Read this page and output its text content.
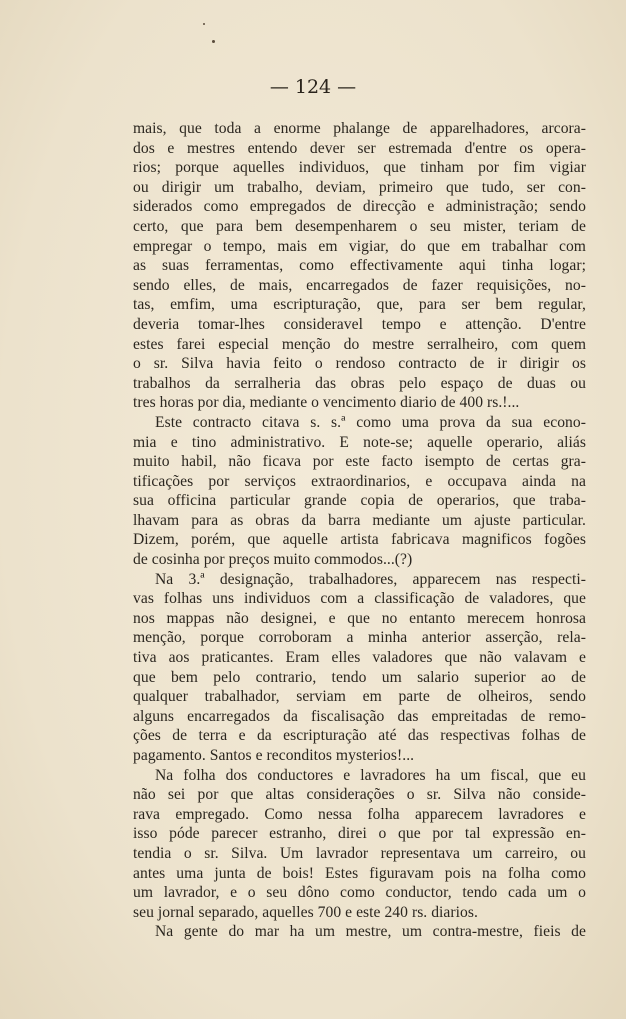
— 124 —

mais, que toda a enorme phalange de apparelhadores, arcora-

dos e mestres entendo dever ser estremada d'entre os opera-

rios; porque aquelles individuos, que tinham por fim vigiar

ou dirigir um trabalho, deviam, primeiro que tudo, ser con-

siderados como empregados de direcção e administração; sendo

certo, que para bem desempenharem o seu mister, teriam de

empregar o tempo, mais em vigiar, do que em trabalhar com

as suas ferramentas, como effectivamente aqui tinha logar;

sendo elles, de mais, encarregados de fazer requisições, no-

tas, emfim, uma escripturação, que, para ser bem regular,

deveria tomar-lhes consideravel tempo e attenção. D'entre

estes farei especial menção do mestre serralheiro, com quem

o sr. Silva havia feito o rendoso contracto de ir dirigir os

trabalhos da serralheria das obras pelo espaço de duas ou

tres horas por dia, mediante o vencimento diario de 400 rs.!...

Este contracto citava s. s.ª como uma prova da sua econo-

mia e tino administrativo. E note-se; aquelle operario, aliás

muito habil, não ficava por este facto isempto de certas gra-

tificações por serviços extraordinarios, e occupava ainda na

sua officina particular grande copia de operarios, que traba-

lhavam para as obras da barra mediante um ajuste particular.

Dizem, porém, que aquelle artista fabricava magnificos fogões

de cosinha por preços muito commodos...(?)

Na 3.ª designação, trabalhadores, apparecem nas respecti-

vas folhas uns individuos com a classificação de valadores, que

nos mappas não designei, e que no entanto merecem honrosa

menção, porque corroboram a minha anterior asserção, rela-

tiva aos praticantes. Eram elles valadores que não valavam e

que bem pelo contrario, tendo um salario superior ao de

qualquer trabalhador, serviam em parte de olheiros, sendo

alguns encarregados da fiscalisação das empreitadas de remo-

ções de terra e da escripturação até das respectivas folhas de

pagamento. Santos e reconditos mysterios!...

Na folha dos conductores e lavradores ha um fiscal, que eu

não sei por que altas considerações o sr. Silva não conside-

rava empregado. Como nessa folha apparecem lavradores e

isso póde parecer estranho, direi o que por tal expressão en-

tendia o sr. Silva. Um lavrador representava um carreiro, ou

antes uma junta de bois! Estes figuravam pois na folha como

um lavrador, e o seu dôno como conductor, tendo cada um o

seu jornal separado, aquelles 700 e este 240 rs. diarios.

Na gente do mar ha um mestre, um contra-mestre, fieis de
